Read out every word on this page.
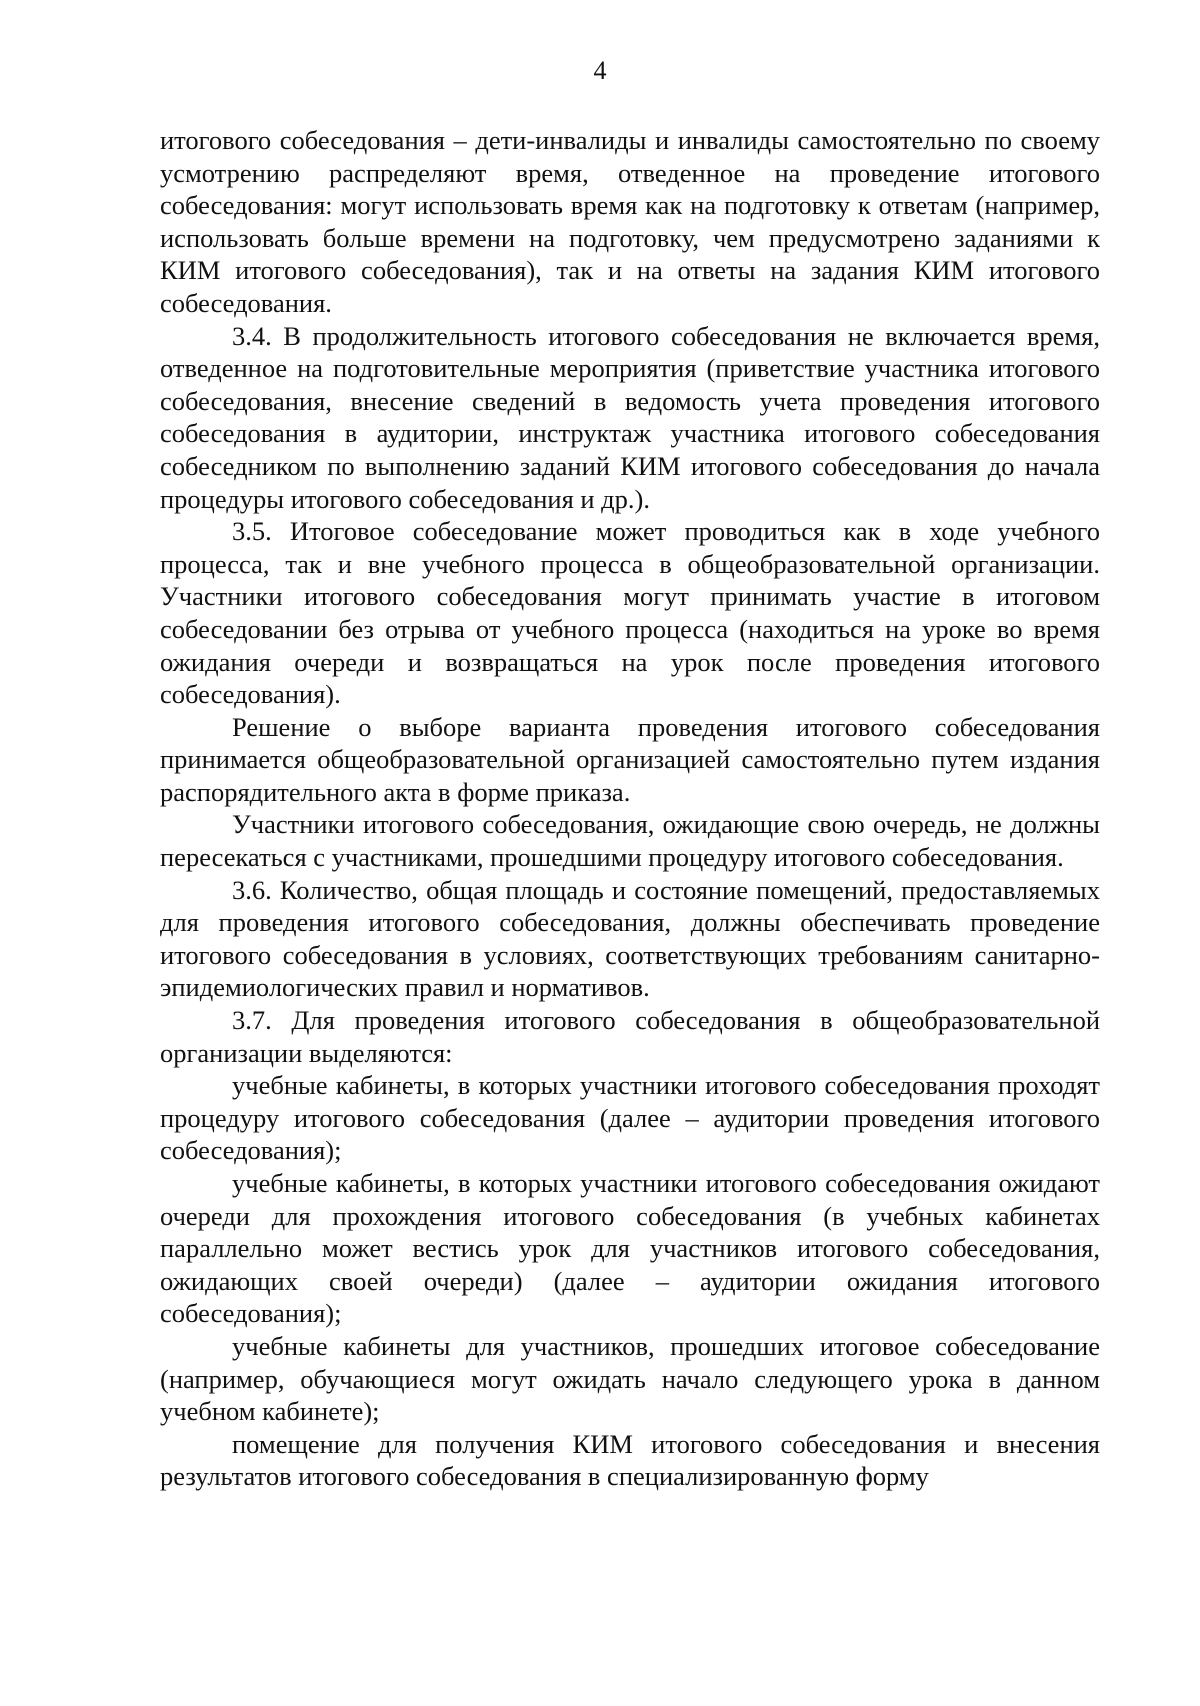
4

итогового собеседования – дети-инвалиды и инвалиды самостоятельно по своему усмотрению распределяют время, отведенное на проведение итогового собеседования: могут использовать время как на подготовку к ответам (например, использовать больше времени на подготовку, чем предусмотрено заданиями к КИМ итогового собеседования), так и на ответы на задания КИМ итогового собеседования.

3.4. В продолжительность итогового собеседования не включается время, отведенное на подготовительные мероприятия (приветствие участника итогового собеседования, внесение сведений в ведомость учета проведения итогового собеседования в аудитории, инструктаж участника итогового собеседования собеседником по выполнению заданий КИМ итогового собеседования до начала процедуры итогового собеседования и др.).

3.5. Итоговое собеседование может проводиться как в ходе учебного процесса, так и вне учебного процесса в общеобразовательной организации. Участники итогового собеседования могут принимать участие в итоговом собеседовании без отрыва от учебного процесса (находиться на уроке во время ожидания очереди и возвращаться на урок после проведения итогового собеседования).

Решение о выборе варианта проведения итогового собеседования принимается общеобразовательной организацией самостоятельно путем издания распорядительного акта в форме приказа.

Участники итогового собеседования, ожидающие свою очередь, не должны пересекаться с участниками, прошедшими процедуру итогового собеседования.

3.6. Количество, общая площадь и состояние помещений, предоставляемых для проведения итогового собеседования, должны обеспечивать проведение итогового собеседования в условиях, соответствующих требованиям санитарно-эпидемиологических правил и нормативов.

3.7. Для проведения итогового собеседования в общеобразовательной организации выделяются:

учебные кабинеты, в которых участники итогового собеседования проходят процедуру итогового собеседования (далее – аудитории проведения итогового собеседования);

учебные кабинеты, в которых участники итогового собеседования ожидают очереди для прохождения итогового собеседования (в учебных кабинетах параллельно может вестись урок для участников итогового собеседования, ожидающих своей очереди) (далее – аудитории ожидания итогового собеседования);

учебные кабинеты для участников, прошедших итоговое собеседование (например, обучающиеся могут ожидать начало следующего урока в данном учебном кабинете);

помещение для получения КИМ итогового собеседования и внесения результатов итогового собеседования в специализированную форму
